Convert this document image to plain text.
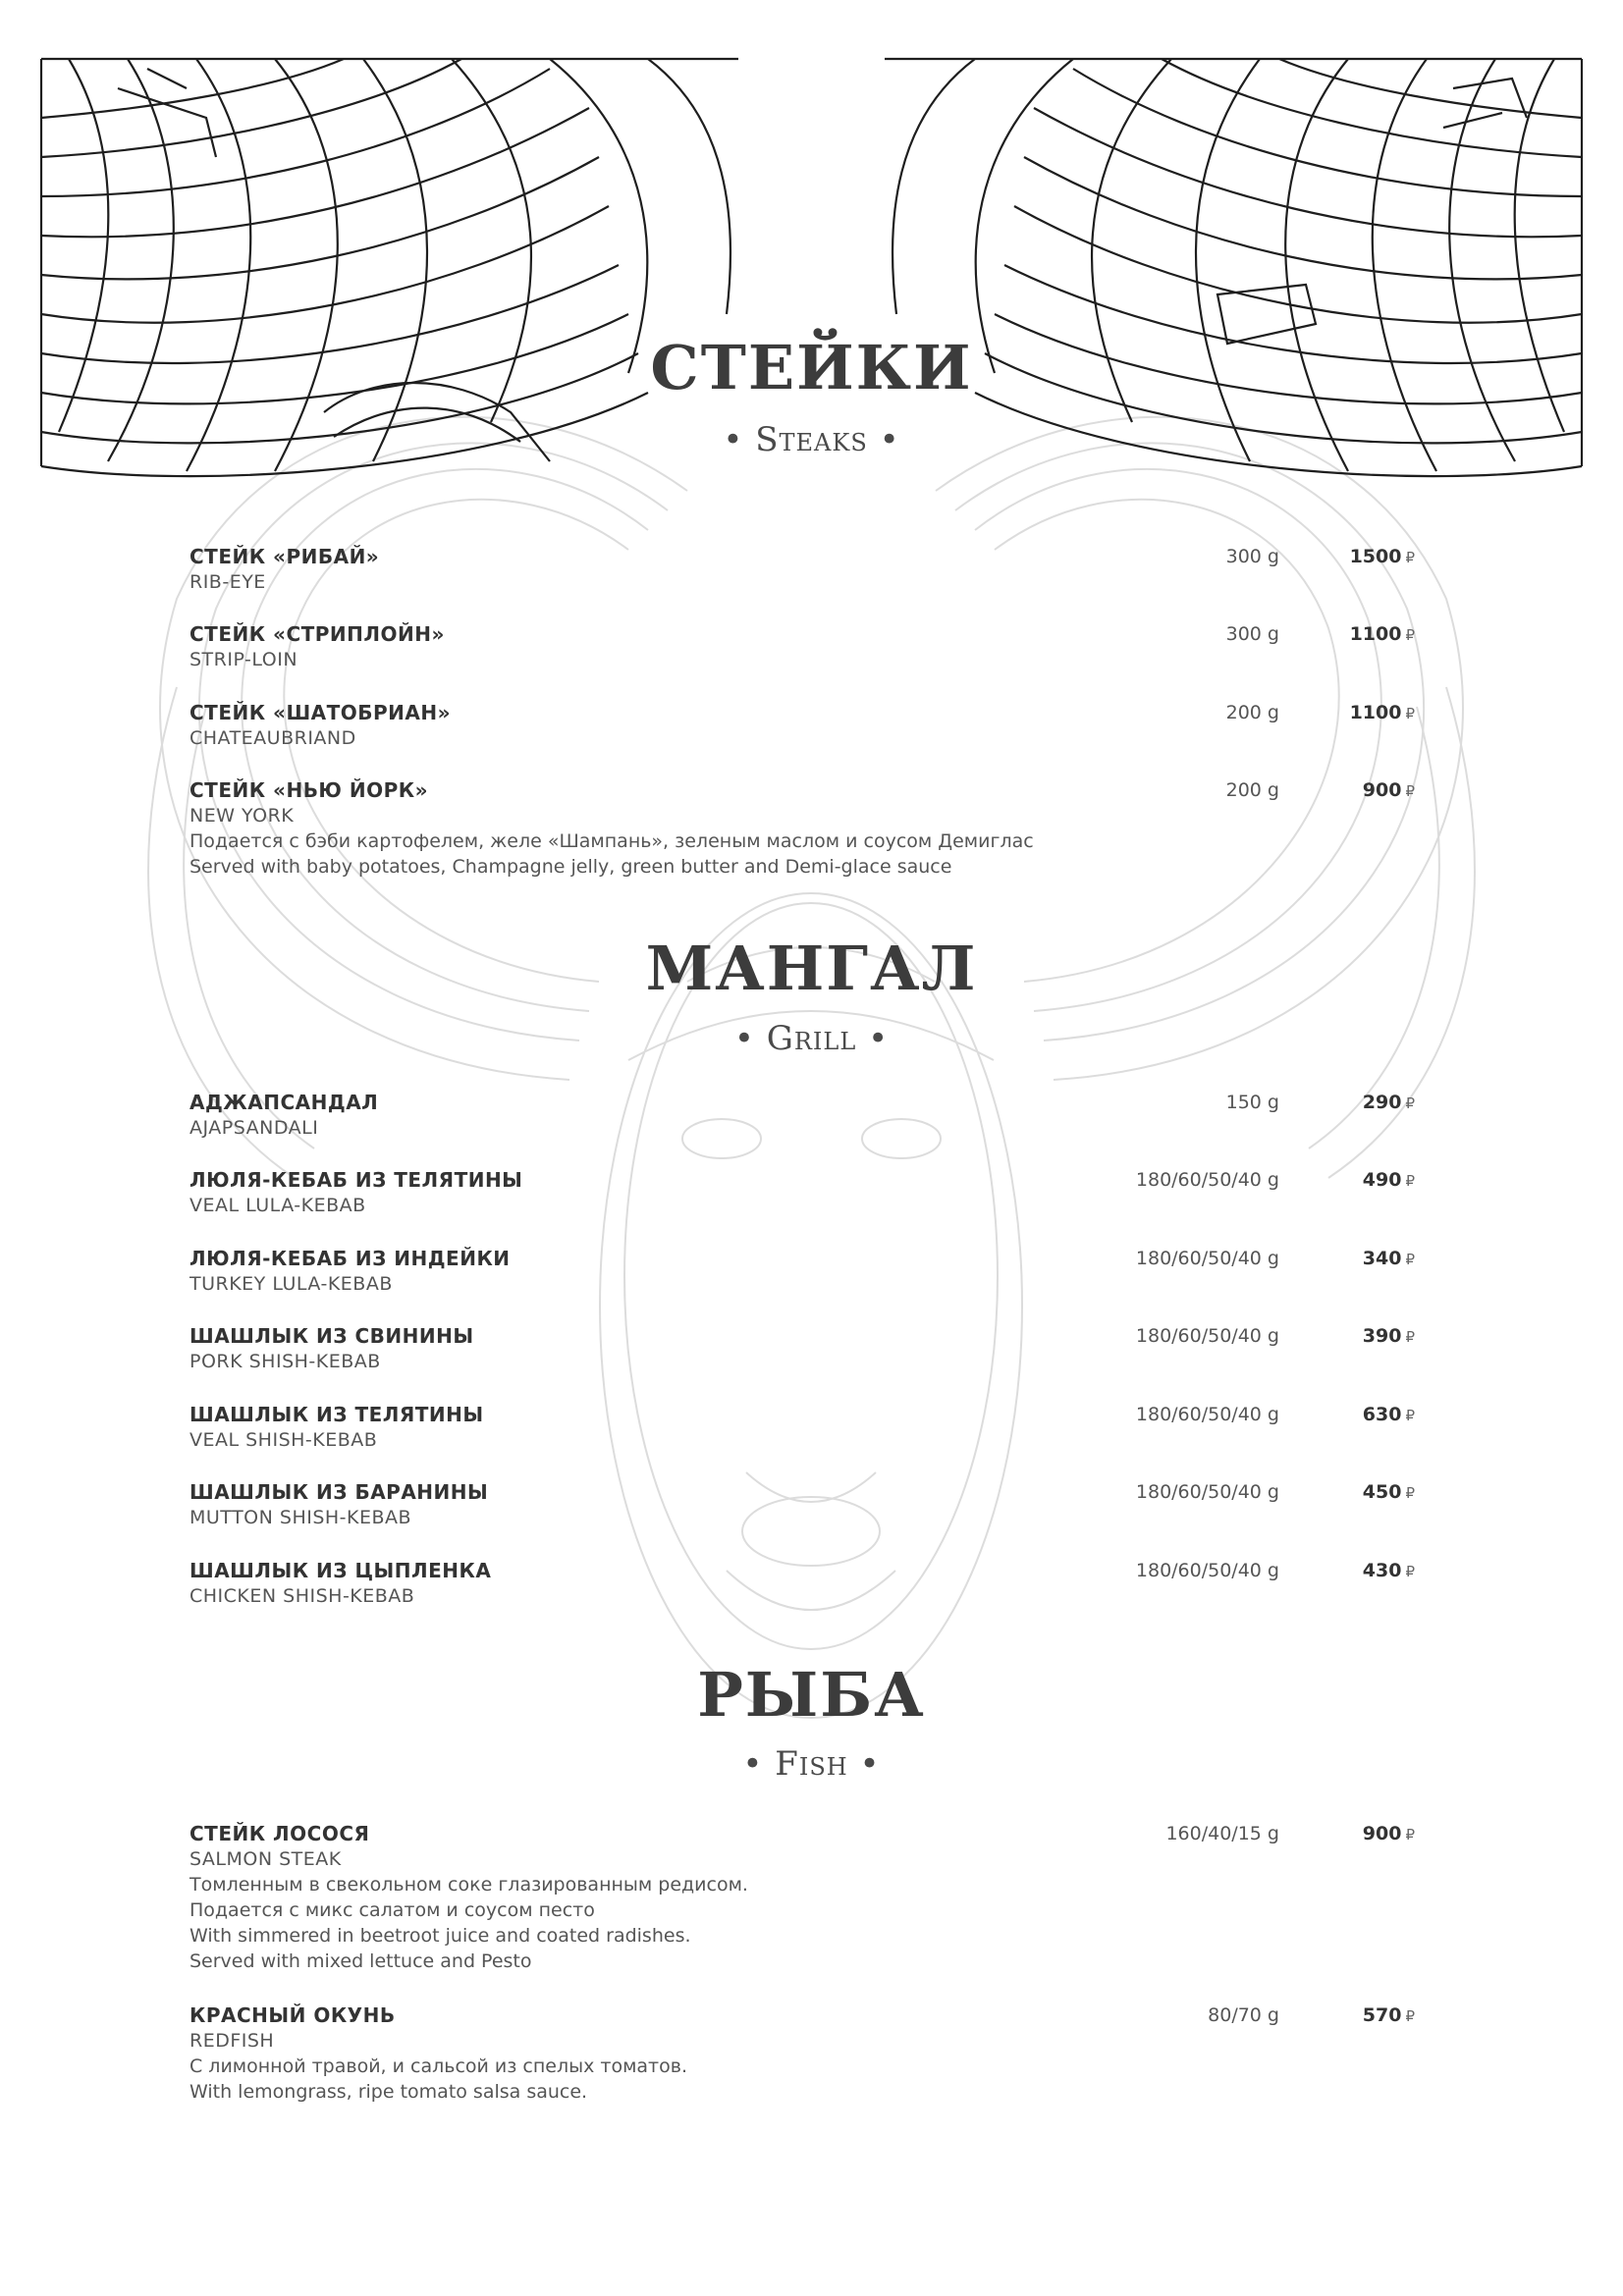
СТЕЙКИ
• Steaks •
СТЕЙК «РИБАЙ»
RIB-EYE
300 g	1500 ₽
СТЕЙК «СТРИПЛОЙН»
STRIP-LOIN
300 g	1100 ₽
СТЕЙК «ШАТОБРИАН»
CHATEAUBRIAND
200 g	1100 ₽
СТЕЙК «НЬЮ ЙОРК»
NEW YORK
Подается с бэби картофелем, желе «Шампань», зеленым маслом и соусом Демиглас
Served with baby potatoes, Champagne jelly, green butter and Demi-glace sauce
200 g	900 ₽
МАНГАЛ
• Grill •
АДЖАПСАНДАЛ
AJAPSANDALI
150 g	290 ₽
ЛЮЛЯ-КЕБАБ ИЗ ТЕЛЯТИНЫ
VEAL LULA-KEBAB
180/60/50/40 g	490 ₽
ЛЮЛЯ-КЕБАБ ИЗ ИНДЕЙКИ
TURKEY LULA-KEBAB
180/60/50/40 g	340 ₽
ШАШЛЫК ИЗ СВИНИНЫ
PORK SHISH-KEBAB
180/60/50/40 g	390 ₽
ШАШЛЫК ИЗ ТЕЛЯТИНЫ
VEAL SHISH-KEBAB
180/60/50/40 g	630 ₽
ШАШЛЫК ИЗ БАРАНИНЫ
MUTTON SHISH-KEBAB
180/60/50/40 g	450 ₽
ШАШЛЫК ИЗ ЦЫПЛЕНКА
CHICKEN SHISH-KEBAB
180/60/50/40 g	430 ₽
РЫБА
• Fish •
СТЕЙК ЛОСОСЯ
SALMON STEAK
Томленным в свекольном соке глазированным редисом.
Подается с микс салатом и соусом песто
With simmered in beetroot juice and coated radishes.
Served with mixed lettuce and Pesto
160/40/15 g	900 ₽
КРАСНЫЙ ОКУНЬ
REDFISH
С лимонной травой, и сальсой из спелых томатов.
With lemongrass, ripe tomato salsa sauce.
80/70 g	570 ₽
